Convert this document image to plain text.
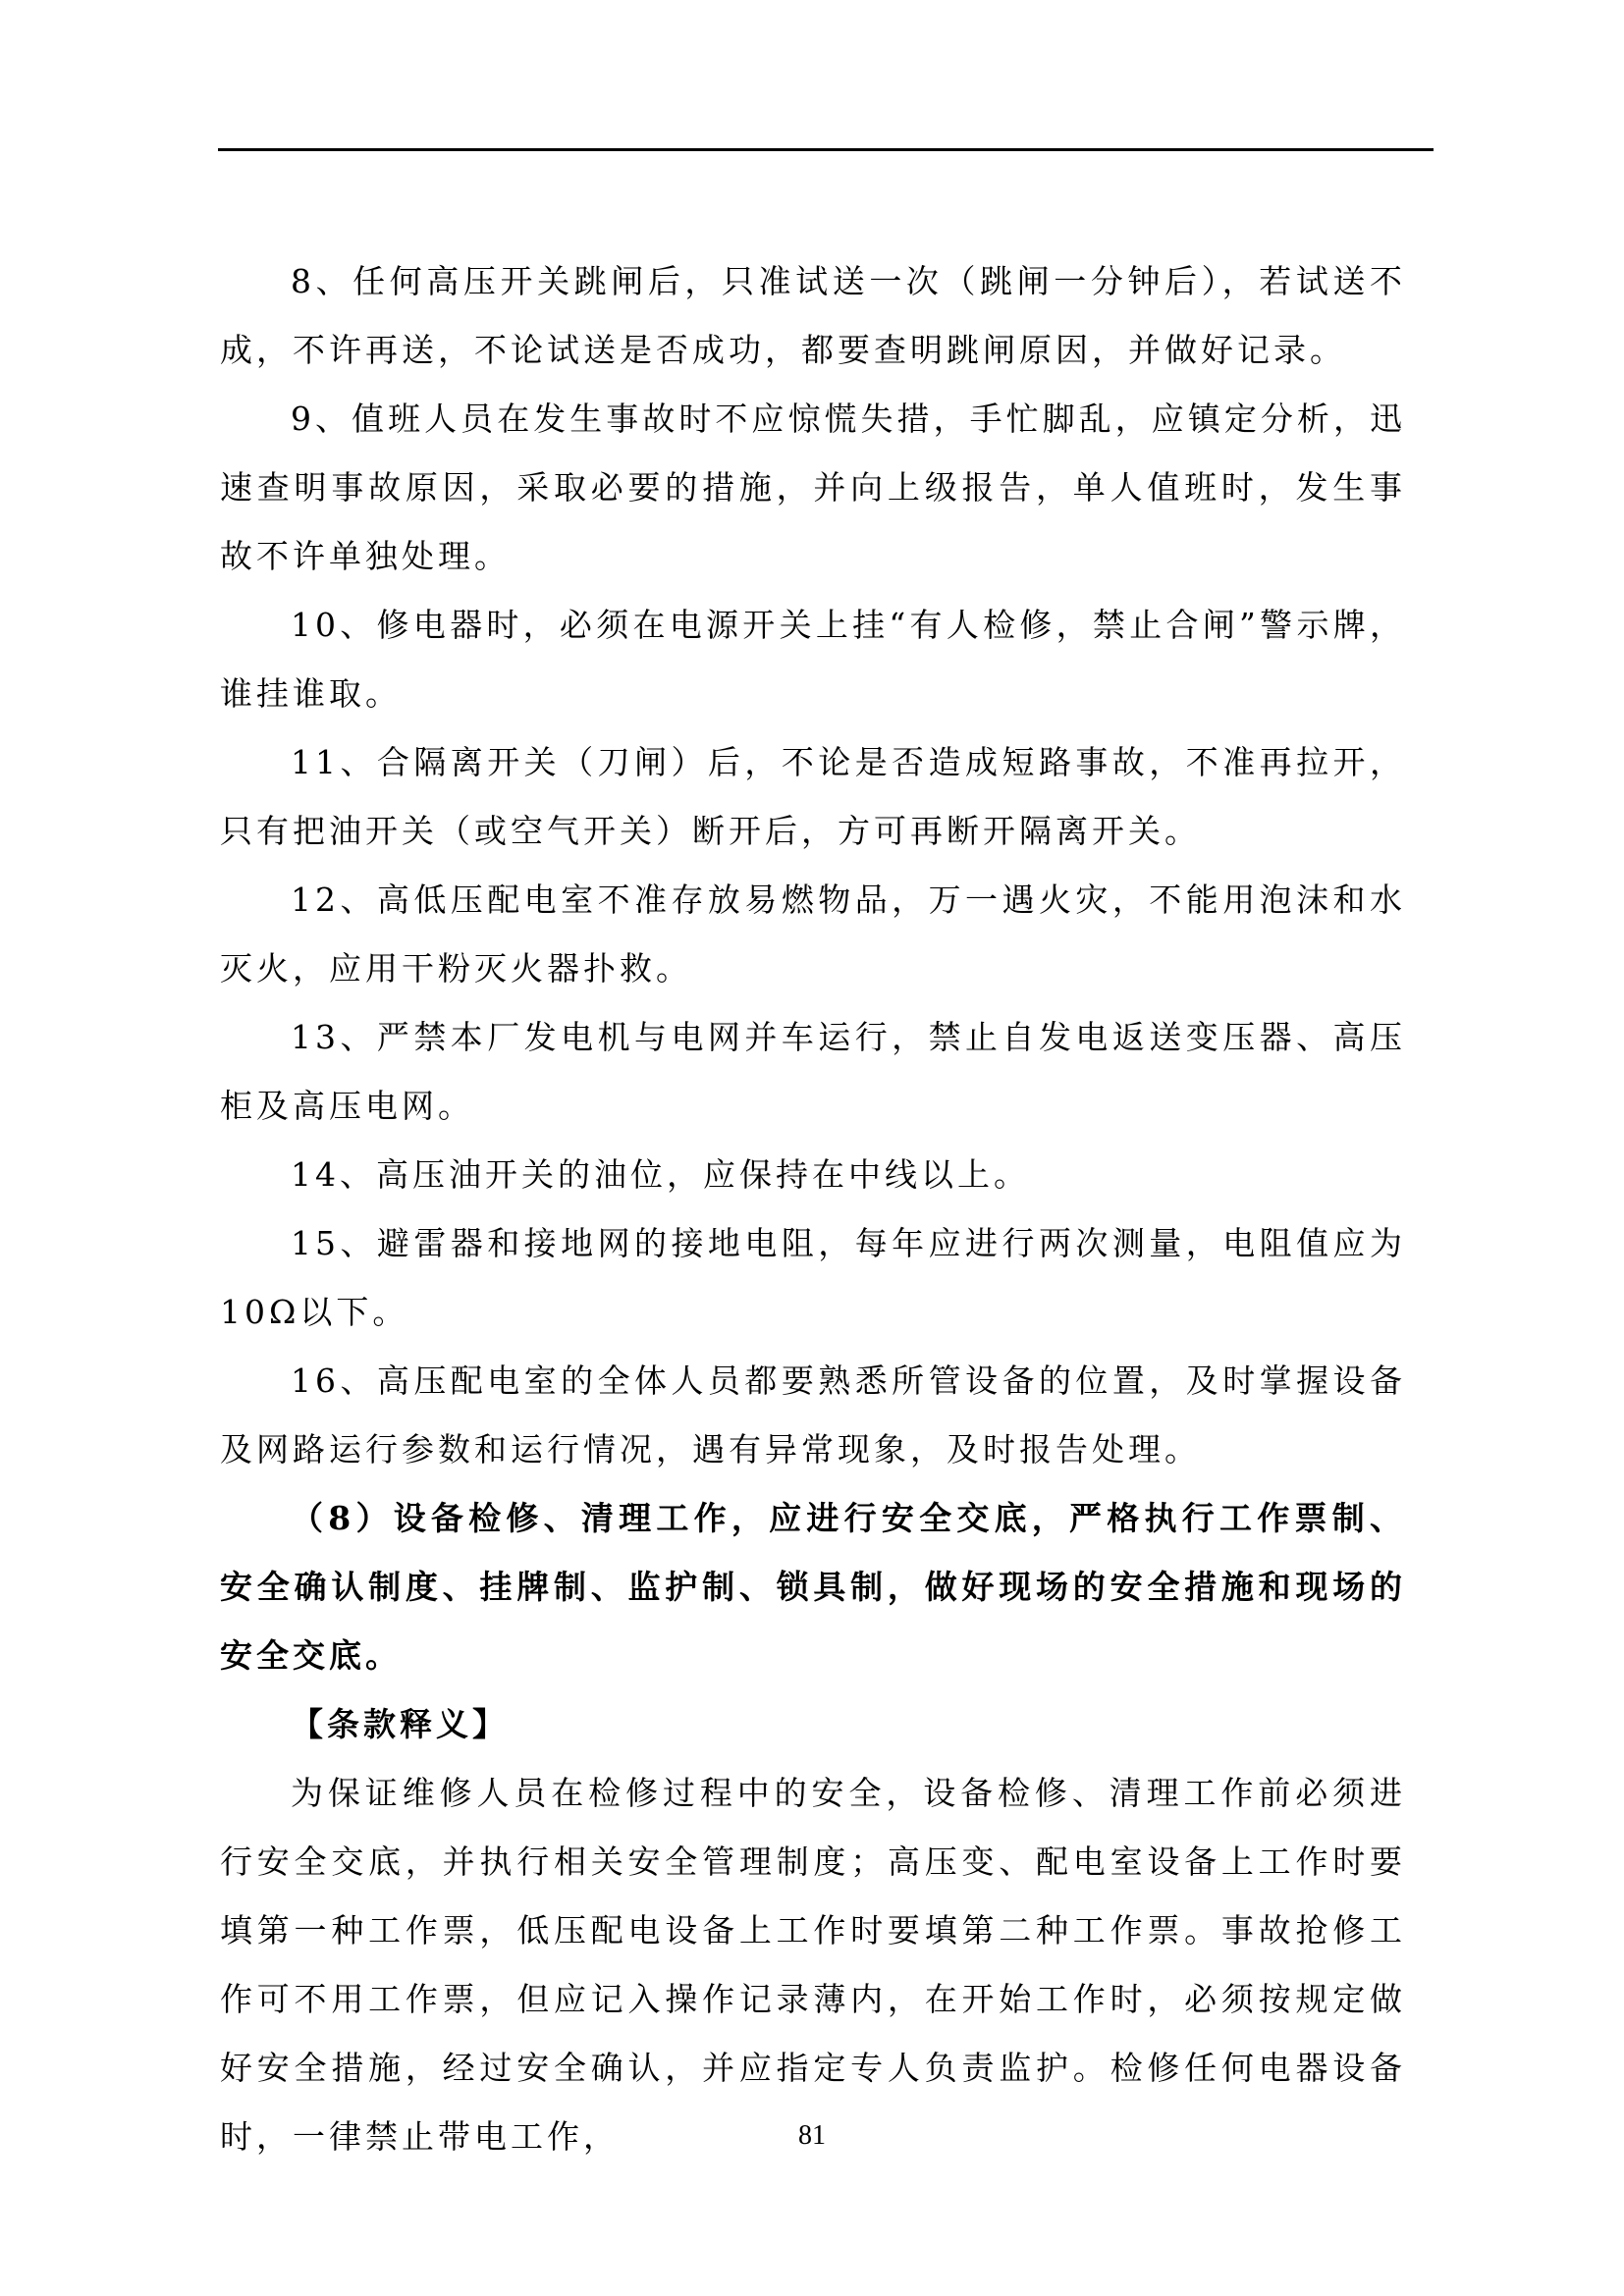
8、任何高压开关跳闸后，只准试送一次（跳闸一分钟后），若试送不成，不许再送，不论试送是否成功，都要查明跳闸原因，并做好记录。

9、值班人员在发生事故时不应惊慌失措，手忙脚乱，应镇定分析，迅速查明事故原因，采取必要的措施，并向上级报告，单人值班时，发生事故不许单独处理。

10、修电器时，必须在电源开关上挂“有人检修，禁止合闸”警示牌，谁挂谁取。

11、合隔离开关（刀闸）后，不论是否造成短路事故，不准再拉开，只有把油开关（或空气开关）断开后，方可再断开隔离开关。

12、高低压配电室不准存放易燃物品，万一遇火灾，不能用泡沫和水灭火，应用干粉灭火器扑救。

13、严禁本厂发电机与电网并车运行，禁止自发电返送变压器、高压柜及高压电网。

14、高压油开关的油位，应保持在中线以上。

15、避雷器和接地网的接地电阻，每年应进行两次测量，电阻值应为10Ω以下。

16、高压配电室的全体人员都要熟悉所管设备的位置，及时掌握设备及网路运行参数和运行情况，遇有异常现象，及时报告处理。

（8）设备检修、清理工作，应进行安全交底，严格执行工作票制、安全确认制度、挂牌制、监护制、锁具制，做好现场的安全措施和现场的安全交底。

【条款释义】

为保证维修人员在检修过程中的安全，设备检修、清理工作前必须进行安全交底，并执行相关安全管理制度；高压变、配电室设备上工作时要填第一种工作票，低压配电设备上工作时要填第二种工作票。事故抢修工作可不用工作票，但应记入操作记录薄内，在开始工作时，必须按规定做好安全措施，经过安全确认，并应指定专人负责监护。检修任何电器设备时，一律禁止带电工作，	81
